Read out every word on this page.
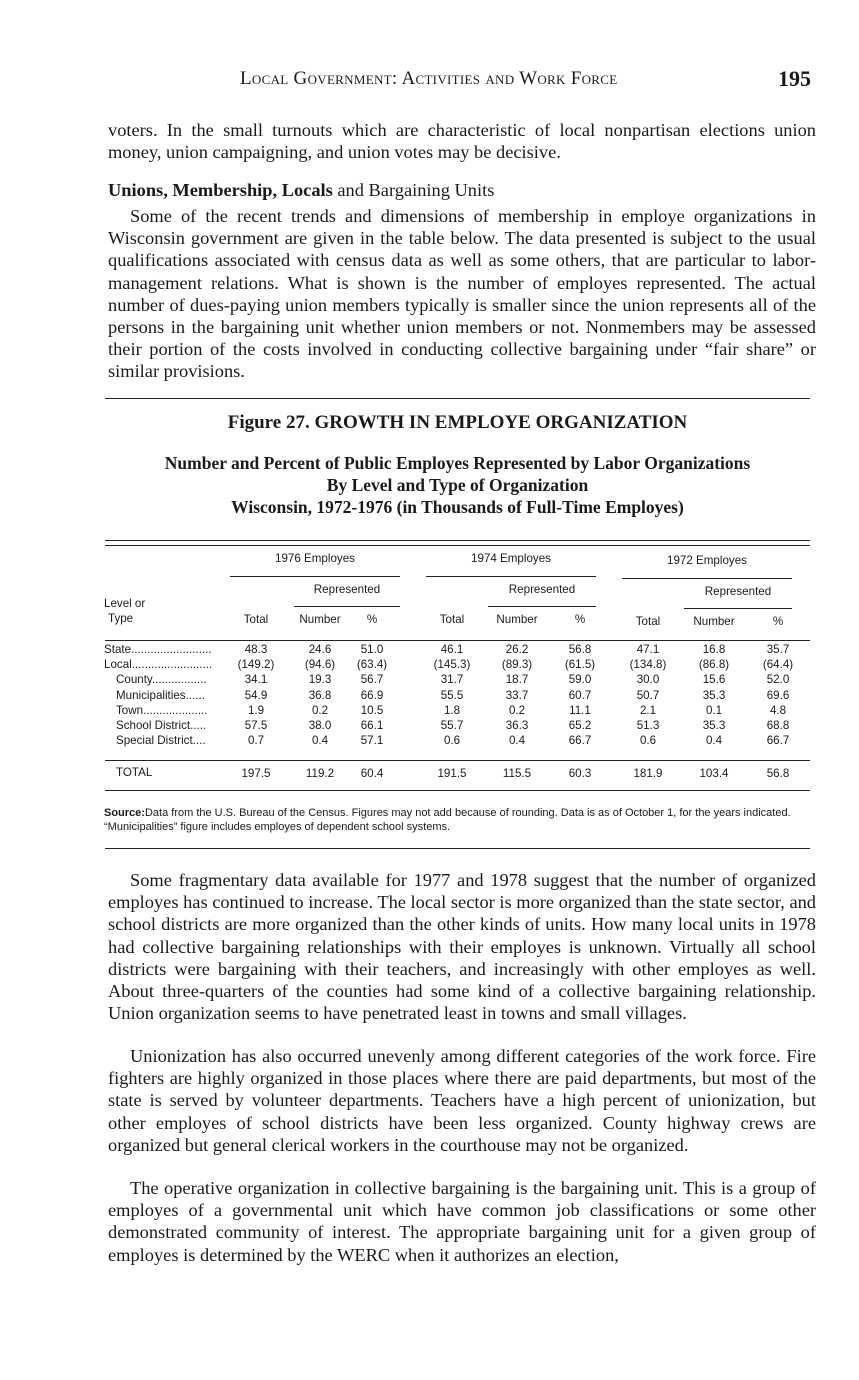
Local Government: Activities and Work Force	195

voters. In the small turnouts which are characteristic of local nonpartisan elections union money, union campaigning, and union votes may be decisive.

Unions, Membership, Locals and Bargaining Units

Some of the recent trends and dimensions of membership in employe organizations in Wisconsin government are given in the table below. The data presented is subject to the usual qualifications associated with census data as well as some others, that are particular to labor-management relations. What is shown is the number of employes represented. The actual number of dues-paying union members typically is smaller since the union represents all of the persons in the bargaining unit whether union members or not. Nonmembers may be assessed their portion of the costs involved in conducting collective bargaining under “fair share” or similar provisions.

Figure 27. GROWTH IN EMPLOYE ORGANIZATION
Number and Percent of Public Employes Represented by Labor Organizations
By Level and Type of Organization
Wisconsin, 1972-1976 (in Thousands of Full-Time Employes)
Level or
Type
1976 Employes	1974 Employes	1972 Employes
Represented	Represented	Represented
Total	Number	%	Total	Number	%	Total	Number	%
State.........................	48.3	24.6	51.0	46.1	26.2	56.8	47.1	16.8	35.7
Local.........................	(149.2)	(94.6)	(63.4)	(145.3)	(89.3)	(61.5)	(134.8)	(86.8)	(64.4)
County.................	34.1	19.3	56.7	31.7	18.7	59.0	30.0	15.6	52.0
Municipalities......	54.9	36.8	66.9	55.5	33.7	60.7	50.7	35.3	69.6
Town....................	1.9	0.2	10.5	1.8	0.2	11.1	2.1	0.1	4.8
School District.....	57.5	38.0	66.1	55.7	36.3	65.2	51.3	35.3	68.8
Special District....	0.7	0.4	57.1	0.6	0.4	66.7	0.6	0.4	66.7
TOTAL	197.5	119.2	60.4	191.5	115.5	60.3	181.9	103.4	56.8
Source:Data from the U.S. Bureau of the Census. Figures may not add because of rounding. Data is as of October 1, for the years indicated. “Municipalities” figure includes employes of dependent school systems.

Some fragmentary data available for 1977 and 1978 suggest that the number of organized employes has continued to increase. The local sector is more organized than the state sector, and school districts are more organized than the other kinds of units. How many local units in 1978 had collective bargaining relationships with their employes is unknown. Virtually all school districts were bargaining with their teachers, and increasingly with other employes as well. About three-quarters of the counties had some kind of a collective bargaining relationship. Union organization seems to have penetrated least in towns and small villages.

Unionization has also occurred unevenly among different categories of the work force. Fire fighters are highly organized in those places where there are paid departments, but most of the state is served by volunteer departments. Teachers have a high percent of unionization, but other employes of school districts have been less organized. County highway crews are organized but general clerical workers in the courthouse may not be organized.

The operative organization in collective bargaining is the bargaining unit. This is a group of employes of a governmental unit which have common job classifications or some other demonstrated community of interest. The appropriate bargaining unit for a given group of employes is determined by the WERC when it authorizes an election,
